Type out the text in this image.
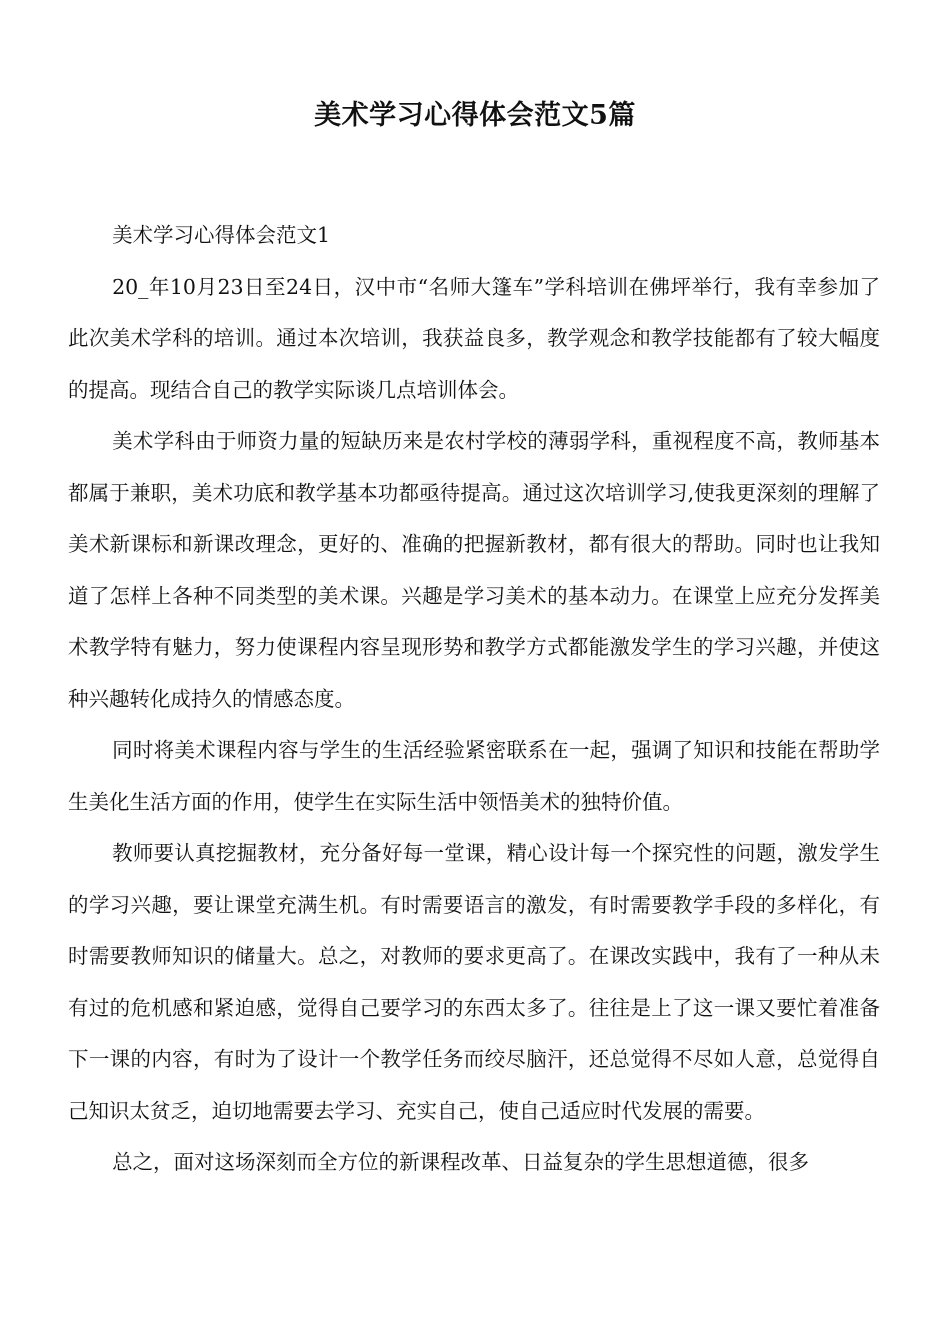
美术学习心得体会范文5篇

美术学习心得体会范文1

20_年10月23日至24日，汉中市“名师大篷车”学科培训在佛坪举行，我有幸参加了此次美术学科的培训。通过本次培训，我获益良多，教学观念和教学技能都有了较大幅度的提高。现结合自己的教学实际谈几点培训体会。

美术学科由于师资力量的短缺历来是农村学校的薄弱学科，重视程度不高，教师基本都属于兼职，美术功底和教学基本功都亟待提高。通过这次培训学习,使我更深刻的理解了美术新课标和新课改理念，更好的、准确的把握新教材，都有很大的帮助。同时也让我知道了怎样上各种不同类型的美术课。兴趣是学习美术的基本动力。在课堂上应充分发挥美术教学特有魅力，努力使课程内容呈现形势和教学方式都能激发学生的学习兴趣，并使这种兴趣转化成持久的情感态度。

同时将美术课程内容与学生的生活经验紧密联系在一起，强调了知识和技能在帮助学生美化生活方面的作用，使学生在实际生活中领悟美术的独特价值。

教师要认真挖掘教材，充分备好每一堂课，精心设计每一个探究性的问题，激发学生的学习兴趣，要让课堂充满生机。有时需要语言的激发，有时需要教学手段的多样化，有时需要教师知识的储量大。总之，对教师的要求更高了。在课改实践中，我有了一种从未有过的危机感和紧迫感，觉得自己要学习的东西太多了。往往是上了这一课又要忙着准备下一课的内容，有时为了设计一个教学任务而绞尽脑汗，还总觉得不尽如人意，总觉得自己知识太贫乏，迫切地需要去学习、充实自己，使自己适应时代发展的需要。

总之，面对这场深刻而全方位的新课程改革、日益复杂的学生思想道德，很多
